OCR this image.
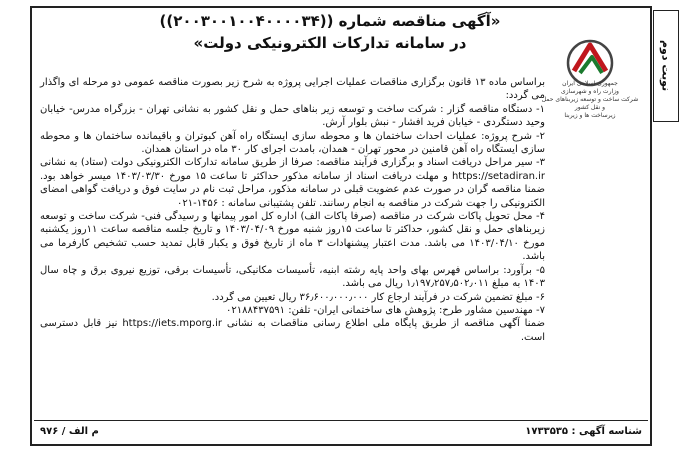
نوبت دوم
جمهوری اسلامی ایران
وزارت راه و شهرسازی
شرکت ساخت و توسعه زیربناهای حمل و نقل کشور
زیرساخت ها و زیربنا
«آگهی مناقصه شماره ((۲۰۰۳۰۰۱۰۰۴۰۰۰۰۳۴))
در سامانه تدارکات الکترونیکی دولت»

براساس ماده ۱۳ قانون برگزاری مناقصات عملیات اجرایی پروژه به شرح زیر بصورت مناقصه عمومی دو مرحله ای واگذار می گردد:

۱- دستگاه مناقصه گزار : شرکت ساخت و توسعه زیر بناهای حمل و نقل کشور به نشانی تهران - بزرگراه مدرس- خیابان وحید دستگردی - خیابان فرید افشار - نبش بلوار آرش.

۲- شرح پروژه: عملیات احداث ساختمان ها و محوطه سازی ایستگاه راه آهن کبوتران و باقیمانده ساختمان ها و محوطه سازی ایستگاه راه آهن قامنین در محور تهران - همدان، بامدت اجرای کار ۳۰ ماه در استان همدان.

۳- سیر مراحل دریافت اسناد و برگزاری فرآیند مناقصه: صرفا از طریق سامانه تدارکات الکترونیکی دولت (ستاد) به نشانی https://setadiran.ir و مهلت دریافت اسناد از سامانه مذکور حداکثر تا ساعت ۱۵ مورخ ۱۴۰۳/۰۳/۳۰ میسر خواهد بود. ضمنا مناقصه گران در صورت عدم عضویت قبلی در سامانه مذکور، مراحل ثبت نام در سایت فوق و دریافت گواهی امضای الکترونیکی را جهت شرکت در مناقصه به انجام رسانند. تلفن پشتیبانی سامانه : ۱۴۵۶-۰۲۱

۴- محل تحویل پاکات شرکت در مناقصه (صرفا پاکات الف) اداره کل امور پیمانها و رسیدگی فنی- شرکت ساخت و توسعه زیربناهای حمل و نقل کشور، حداکثر تا ساعت ۱۵روز شنبه مورخ ۱۴۰۳/۰۴/۰۹ و تاریخ جلسه مناقصه ساعت ۱۱روز یکشنبه مورخ ۱۴۰۳/۰۴/۱۰ می باشد. مدت اعتبار پیشنهادات ۳ ماه از تاریخ فوق و یکبار قابل تمدید حسب تشخیص کارفرما می باشد.

۵- برآورد: براساس فهرس بهای واحد پایه رشته ابنیه، تأسیسات مکانیکی، تأسیسات برقی، توزیع نیروی برق و چاه سال ۱۴۰۳ به مبلغ ۱٫۱۹۷٫۲۵۷٫۵۰۲٫۰۱۱ ریال می باشد.

۶- مبلغ تضمین شرکت در فرآیند ارجاع کار ۳۶٫۶۰۰٫۰۰۰٫۰۰۰ ریال تعیین می گردد.

۷- مهندسین مشاور طرح: پژوهش های ساختمانی ایران- تلفن: ۰۲۱۸۸۴۳۷۵۹۱

ضمنا آگهی مناقصه از طریق پایگاه ملی اطلاع رسانی مناقصات به نشانی https://iets.mporg.ir نیز قابل دسترسی است.

شناسه آگهی : ۱۷۳۳۵۳۵
م الف / ۹۷۶
